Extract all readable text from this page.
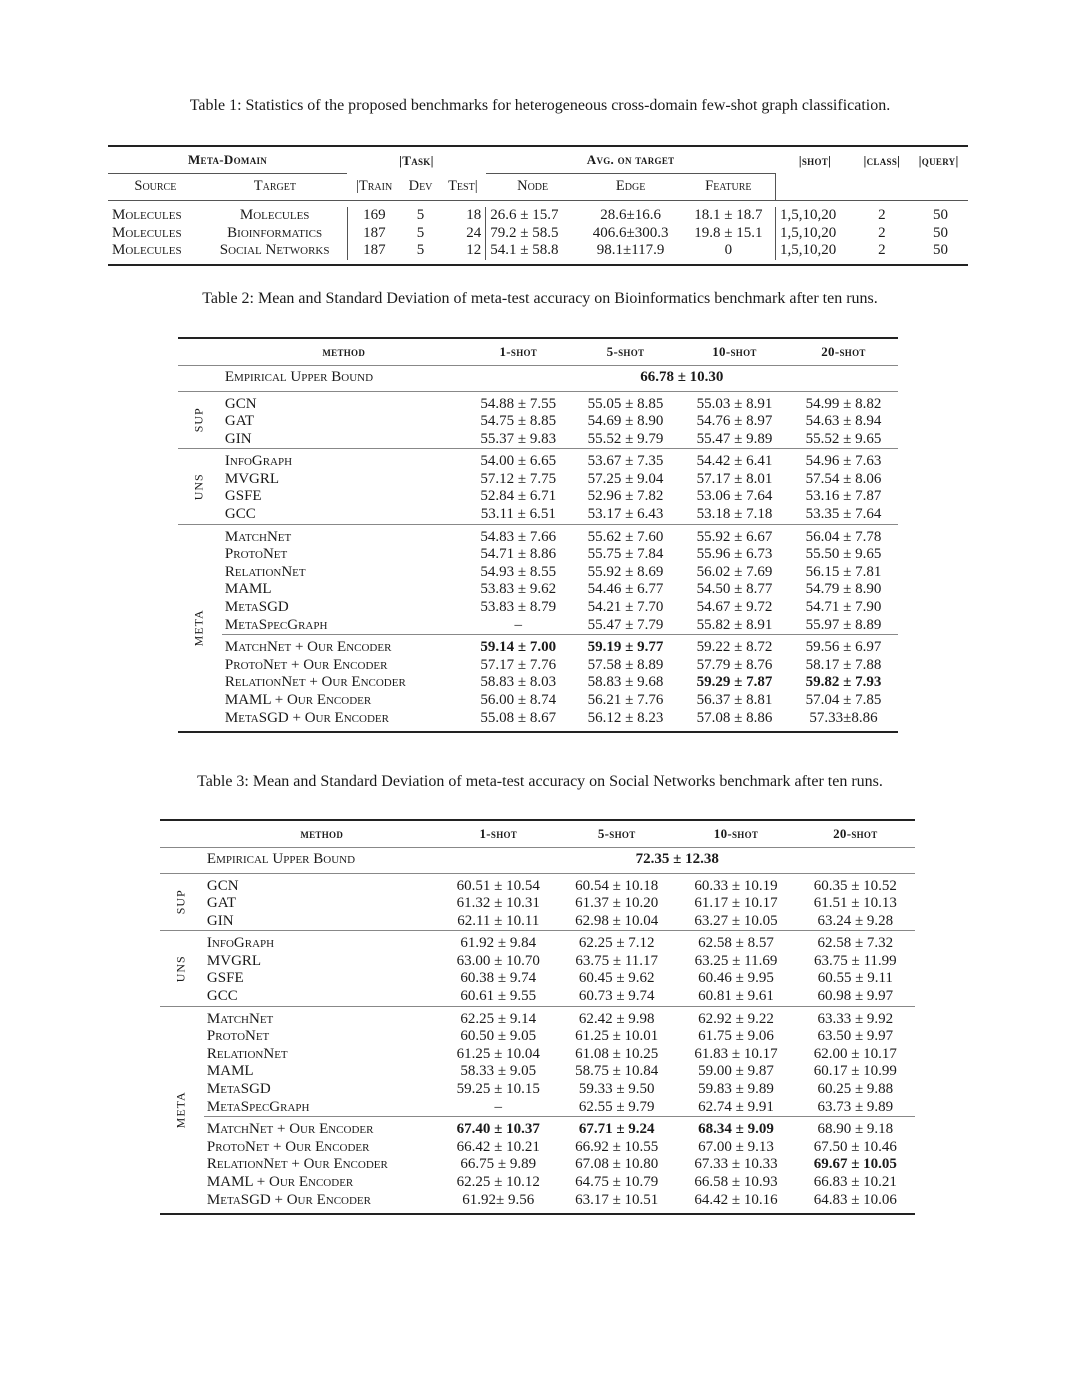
Table 1: Statistics of the proposed benchmarks for heterogeneous cross-domain few-shot graph classification.
Meta-Domain		|Task|			Avg. on target			|shot|	|class|	|query|
Source	Target	|Train	Dev	Test|	Node	Edge	Feature			

Molecules	Molecules	169	5	18	26.6 ± 15.7	28.6±16.6	18.1 ± 18.7	1,5,10,20	2	50
Molecules	Bioinformatics	187	5	24	79.2 ± 58.5	406.6±300.3	19.8 ± 15.1	1,5,10,20	2	50
Molecules	Social Networks	187	5	12	54.1 ± 58.8	98.1±117.9	0	1,5,10,20	2	50

Table 2: Mean and Standard Deviation of meta-test accuracy on Bioinformatics benchmark after ten runs.
	method	1-shot	5-shot	10-shot	20-shot
	Empirical Upper Bound	66.78 ± 10.30			
SUP	GCN	54.88 ± 7.55	55.05 ± 8.85	55.03 ± 8.91	54.99 ± 8.82
	GAT	54.75 ± 8.85	54.69 ± 8.90	54.76 ± 8.97	54.63 ± 8.94
	GIN	55.37 ± 9.83	55.52 ± 9.79	55.47 ± 9.89	55.52 ± 9.65
UNS	InfoGraph	54.00 ± 6.65	53.67 ± 7.35	54.42 ± 6.41	54.96 ± 7.63
	MVGRL	57.12 ± 7.75	57.25 ± 9.04	57.17 ± 8.01	57.54 ± 8.06
	GSFE	52.84 ± 6.71	52.96 ± 7.82	53.06 ± 7.64	53.16 ± 7.87
	GCC	53.11 ± 6.51	53.17 ± 6.43	53.18 ± 7.18	53.35 ± 7.64
META	MatchNet	54.83 ± 7.66	55.62 ± 7.60	55.92 ± 6.67	56.04 ± 7.78
	ProtoNet	54.71 ± 8.86	55.75 ± 7.84	55.96 ± 6.73	55.50 ± 9.65
	RelationNet	54.93 ± 8.55	55.92 ± 8.69	56.02 ± 7.69	56.15 ± 7.81
	MAML	53.83 ± 9.62	54.46 ± 6.77	54.50 ± 8.77	54.79 ± 8.90
	MetaSGD	53.83 ± 8.79	54.21 ± 7.70	54.67 ± 9.72	54.71 ± 7.90
	MetaSpecGraph	–	55.47 ± 7.79	55.82 ± 8.91	55.97 ± 8.89
	MatchNet + Our Encoder	59.14 ± 7.00	59.19 ± 9.77	59.22 ± 8.72	59.56 ± 6.97
	ProtoNet + Our Encoder	57.17 ± 7.76	57.58 ± 8.89	57.79 ± 8.76	58.17 ± 7.88
	RelationNet + Our Encoder	58.83 ± 8.03	58.83 ± 9.68	59.29 ± 7.87	59.82 ± 7.93
	MAML + Our Encoder	56.00 ± 8.74	56.21 ± 7.76	56.37 ± 8.81	57.04 ± 7.85
	MetaSGD + Our Encoder	55.08 ± 8.67	56.12 ± 8.23	57.08 ± 8.86	57.33±8.86
Table 3: Mean and Standard Deviation of meta-test accuracy on Social Networks benchmark after ten runs.
	method	1-shot	5-shot	10-shot	20-shot
	Empirical Upper Bound	72.35 ± 12.38			
SUP	GCN	60.51 ± 10.54	60.54 ± 10.18	60.33 ± 10.19	60.35 ± 10.52
	GAT	61.32 ± 10.31	61.37 ± 10.20	61.17 ± 10.17	61.51 ± 10.13
	GIN	62.11 ± 10.11	62.98 ± 10.04	63.27 ± 10.05	63.24 ± 9.28
UNS	InfoGraph	61.92 ± 9.84	62.25 ± 7.12	62.58 ± 8.57	62.58 ± 7.32
	MVGRL	63.00 ± 10.70	63.75 ± 11.17	63.25 ± 11.69	63.75 ± 11.99
	GSFE	60.38 ± 9.74	60.45 ± 9.62	60.46 ± 9.95	60.55 ± 9.11
	GCC	60.61 ± 9.55	60.73 ± 9.74	60.81 ± 9.61	60.98 ± 9.97
META	MatchNet	62.25 ± 9.14	62.42 ± 9.98	62.92 ± 9.22	63.33 ± 9.92
	ProtoNet	60.50 ± 9.05	61.25 ± 10.01	61.75 ± 9.06	63.50 ± 9.97
	RelationNet	61.25 ± 10.04	61.08 ± 10.25	61.83 ± 10.17	62.00 ± 10.17
	MAML	58.33 ± 9.05	58.75 ± 10.84	59.00 ± 9.87	60.17 ± 10.99
	MetaSGD	59.25 ± 10.15	59.33 ± 9.50	59.83 ± 9.89	60.25 ± 9.88
	MetaSpecGraph	–	62.55 ± 9.79	62.74 ± 9.91	63.73 ± 9.89
	MatchNet + Our Encoder	67.40 ± 10.37	67.71 ± 9.24	68.34 ± 9.09	68.90 ± 9.18
	ProtoNet + Our Encoder	66.42 ± 10.21	66.92 ± 10.55	67.00 ± 9.13	67.50 ± 10.46
	RelationNet + Our Encoder	66.75 ± 9.89	67.08 ± 10.80	67.33 ± 10.33	69.67 ± 10.05
	MAML + Our Encoder	62.25 ± 10.12	64.75 ± 10.79	66.58 ± 10.93	66.83 ± 10.21
	MetaSGD + Our Encoder	61.92± 9.56	63.17 ± 10.51	64.42 ± 10.16	64.83 ± 10.06
